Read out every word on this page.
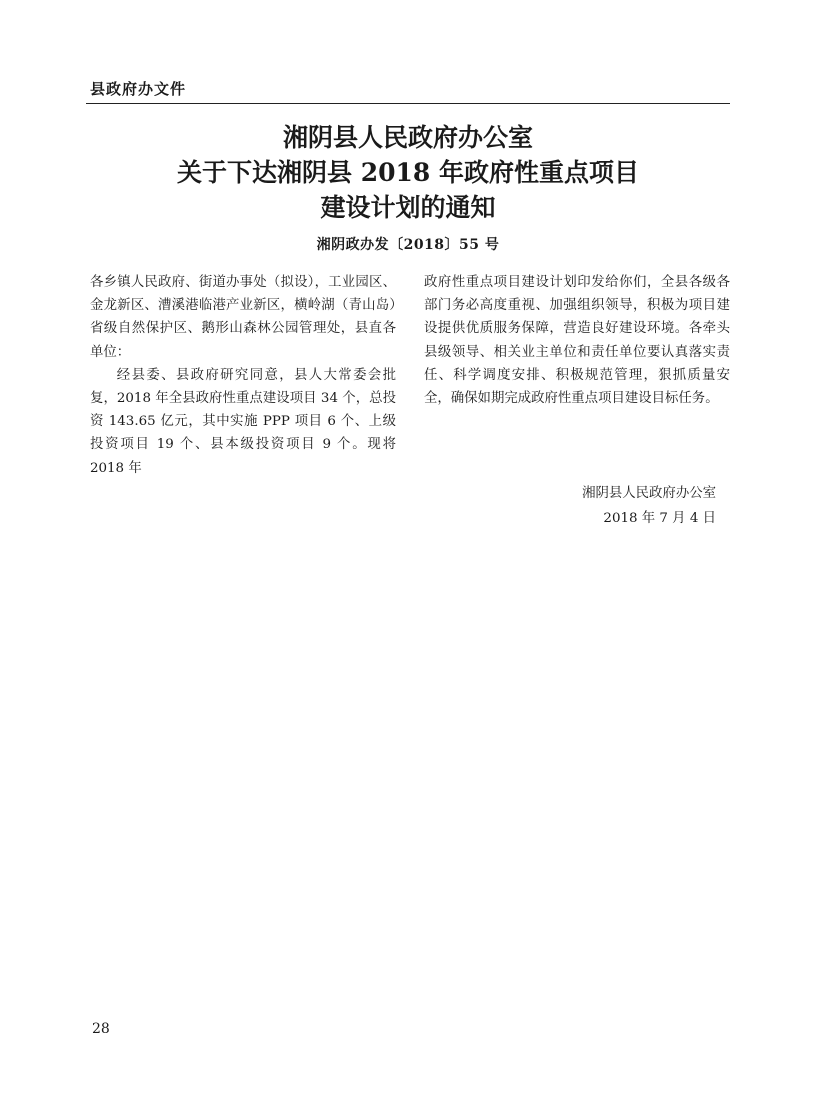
县政府办文件
湘阴县人民政府办公室
关于下达湘阴县 2018 年政府性重点项目
建设计划的通知
湘阴政办发〔2018〕55 号

各乡镇人民政府、街道办事处（拟设），工业园区、金龙新区、漕溪港临港产业新区，横岭湖（青山岛）省级自然保护区、鹅形山森林公园管理处，县直各单位：

经县委、县政府研究同意，县人大常委会批复，2018 年全县政府性重点建设项目 34 个，总投资 143.65 亿元，其中实施 PPP 项目 6 个、上级投资项目 19 个、县本级投资项目 9 个。现将 2018 年

政府性重点项目建设计划印发给你们，全县各级各部门务必高度重视、加强组织领导，积极为项目建设提供优质服务保障，营造良好建设环境。各牵头县级领导、相关业主单位和责任单位要认真落实责任、科学调度安排、积极规范管理，狠抓质量安全，确保如期完成政府性重点项目建设目标任务。

湘阴县人民政府办公室
2018 年 7 月 4 日
28
